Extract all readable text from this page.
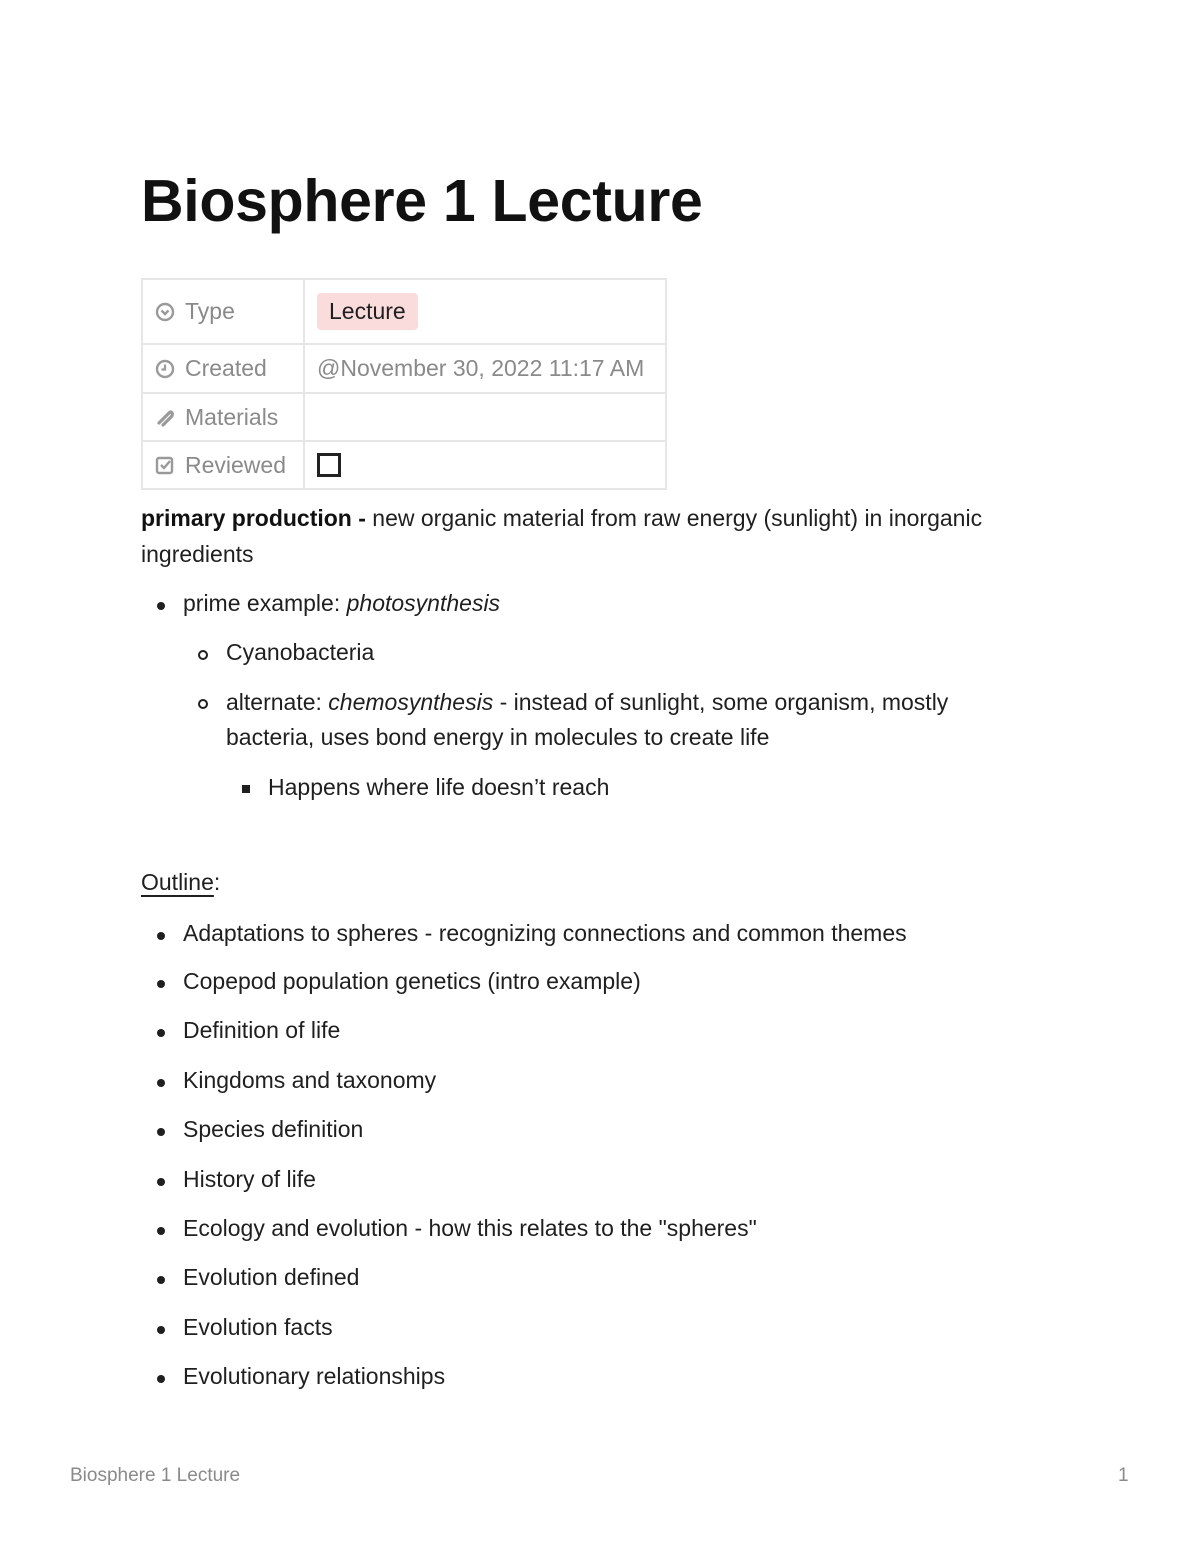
Biosphere 1 Lecture
Type	Lecture

Created	@November 30, 2022 11:17 AM

Materials	

Reviewed	

primary production - new organic material from raw energy (sunlight) in inorganic ingredients

prime example: photosynthesis
Cyanobacteria
alternate: chemosynthesis - instead of sunlight, some organism, mostly bacteria, uses bond energy in molecules to create life
Happens where life doesn’t reach
Outline:
Adaptations to spheres - recognizing connections and common themes
Copepod population genetics (intro example)
Definition of life
Kingdoms and taxonomy
Species definition
History of life
Ecology and evolution - how this relates to the "spheres"
Evolution defined
Evolution facts
Evolutionary relationships
Biosphere 1 Lecture	1
